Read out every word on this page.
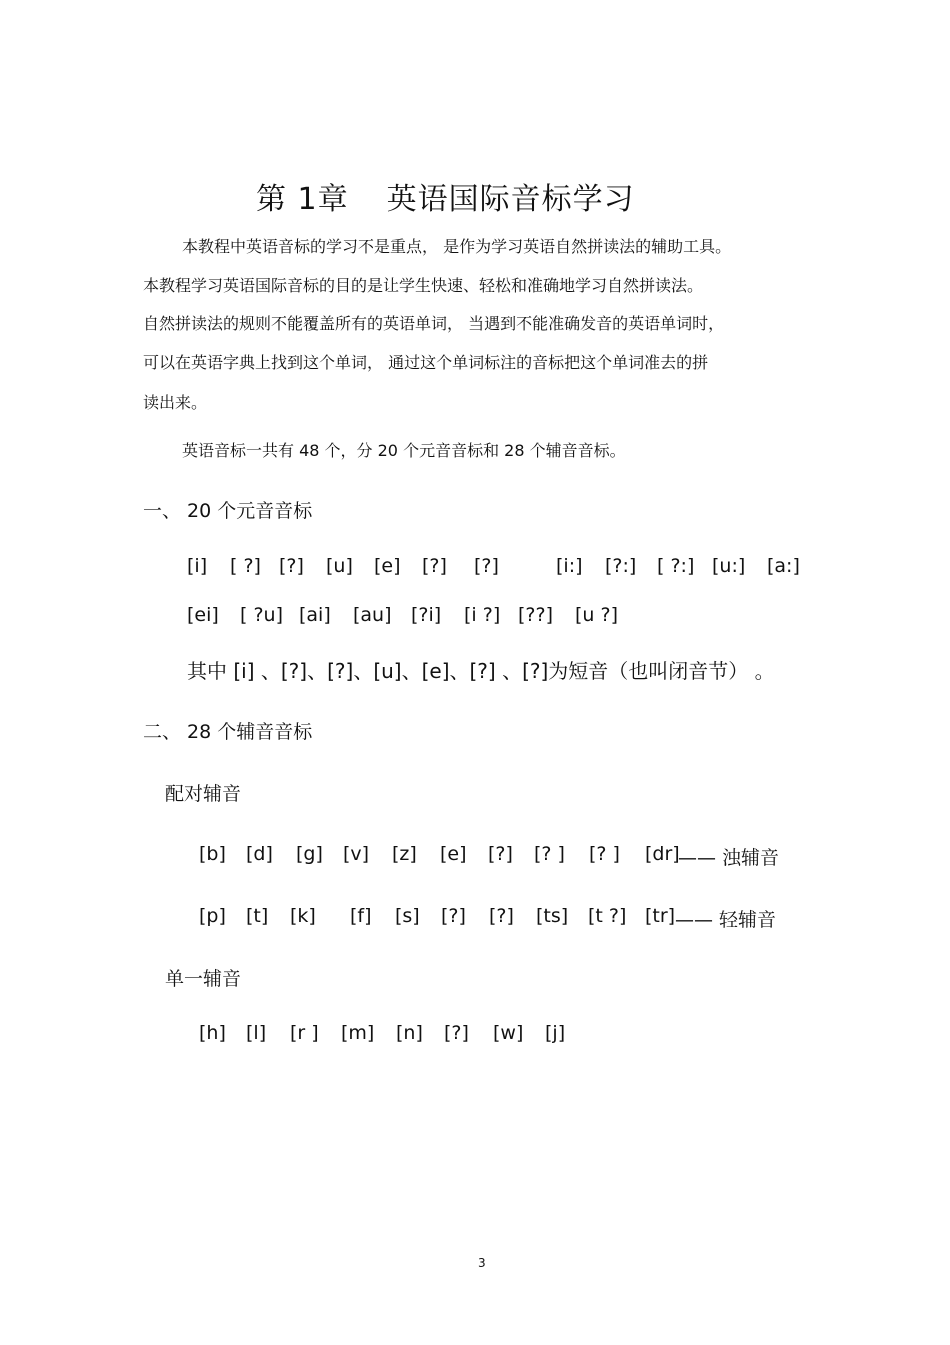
第 1章 英语国际音标学习
本教程中英语音标的学习不是重点， 是作为学习英语自然拼读法的辅助工具。
本教程学习英语国际音标的目的是让学生快速、轻松和准确地学习自然拼读法。
自然拼读法的规则不能覆盖所有的英语单词， 当遇到不能准确发音的英语单词时，
可以在英语字典上找到这个单词， 通过这个单词标注的音标把这个单词准去的拼
读出来。
英语音标一共有 48 个，分 20 个元音音标和 28 个辅音音标。
一、 20 个元音音标
[i] [ ?] [?] [u] [e] [?] [?]	[i:] [?:] [ ?:] [u:] [a:]
[ei] [ ?u] [ai] [au] [?i] [i ?] [??] [u ?]
其中 [i] 、[?]、[?]、[u]、[e]、[?] 、[?]为短音（也叫闭音节） 。
二、 28 个辅音音标
配对辅音
[b] [d] [g] [v] [z] [e] [?] [? ] [? ] [dr]
—— 浊辅音
[p] [t] [k] [f] [s] [?] [?] [ts] [t ?] [tr] —— 轻辅音
单一辅音
[h] [l] [r ] [m] [n] [?] [w] [j]
3
